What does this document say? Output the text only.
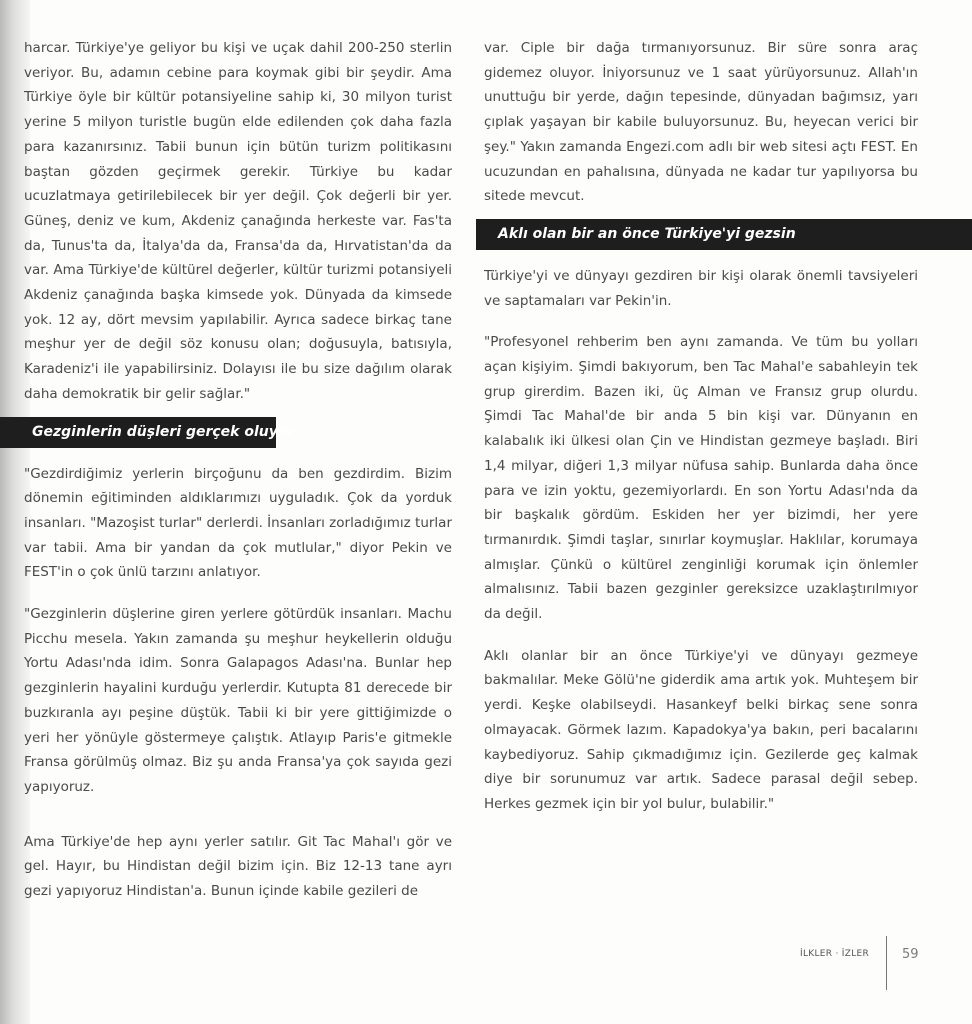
harcar. Türkiye'ye geliyor bu kişi ve uçak dahil 200-250 sterlin veriyor. Bu, adamın cebine para koymak gibi bir şeydir. Ama Türkiye öyle bir kültür potansiyeline sahip ki, 30 milyon turist yerine 5 milyon turistle bugün elde edilenden çok daha fazla para kazanırsınız. Tabii bunun için bütün turizm politikasını baştan gözden geçirmek gerekir. Türkiye bu kadar ucuzlatmaya getirilebilecek bir yer değil. Çok değerli bir yer. Güneş, deniz ve kum, Akdeniz çanağında herkeste var. Fas'ta da, Tunus'ta da, İtalya'da da, Fransa'da da, Hırvatistan'da da var. Ama Türkiye'de kültürel değerler, kültür turizmi potansiyeli Akdeniz çanağında başka kimsede yok. Dünyada da kimsede yok. 12 ay, dört mevsim yapılabilir. Ayrıca sadece birkaç tane meşhur yer de değil söz konusu olan; doğusuyla, batısıyla, Karadeniz'i ile yapabilirsiniz. Dolayısı ile bu size dağılım olarak daha demokratik bir gelir sağlar."

Gezginlerin düşleri gerçek oluyor

"Gezdirdiğimiz yerlerin birçoğunu da ben gezdirdim. Bizim dönemin eğitiminden aldıklarımızı uyguladık. Çok da yorduk insanları. "Mazoşist turlar" derlerdi. İnsanları zorladığımız turlar var tabii. Ama bir yandan da çok mutlular," diyor Pekin ve FEST'in o çok ünlü tarzını anlatıyor.

"Gezginlerin düşlerine giren yerlere götürdük insanları. Machu Picchu mesela. Yakın zamanda şu meşhur heykellerin olduğu Yortu Adası'nda idim. Sonra Galapagos Adası'na. Bunlar hep gezginlerin hayalini kurduğu yerlerdir. Kutupta 81 derecede bir buzkıranla ayı peşine düştük. Tabii ki bir yere gittiğimizde o yeri her yönüyle göstermeye çalıştık. Atlayıp Paris'e gitmekle Fransa görülmüş olmaz. Biz şu anda Fransa'ya çok sayıda gezi yapıyoruz.

Ama Türkiye'de hep aynı yerler satılır. Git Tac Mahal'ı gör ve gel. Hayır, bu Hindistan değil bizim için. Biz 12-13 tane ayrı gezi yapıyoruz Hindistan'a. Bunun içinde kabile gezileri de

var. Ciple bir dağa tırmanıyorsunuz. Bir süre sonra araç gidemez oluyor. İniyorsunuz ve 1 saat yürüyorsunuz. Allah'ın unuttuğu bir yerde, dağın tepesinde, dünyadan bağımsız, yarı çıplak yaşayan bir kabile buluyorsunuz. Bu, heyecan verici bir şey." Yakın zamanda Engezi.com adlı bir web sitesi açtı FEST. En ucuzundan en pahalısına, dünyada ne kadar tur yapılıyorsa bu sitede mevcut.

Aklı olan bir an önce Türkiye'yi gezsin

Türkiye'yi ve dünyayı gezdiren bir kişi olarak önemli tavsiyeleri ve saptamaları var Pekin'in.

"Profesyonel rehberim ben aynı zamanda. Ve tüm bu yolları açan kişiyim. Şimdi bakıyorum, ben Tac Mahal'e sabahleyin tek grup girerdim. Bazen iki, üç Alman ve Fransız grup olurdu. Şimdi Tac Mahal'de bir anda 5 bin kişi var. Dünyanın en kalabalık iki ülkesi olan Çin ve Hindistan gezmeye başladı. Biri 1,4 milyar, diğeri 1,3 milyar nüfusa sahip. Bunlarda daha önce para ve izin yoktu, gezemiyorlardı. En son Yortu Adası'nda da bir başkalık gördüm. Eskiden her yer bizimdi, her yere tırmanırdık. Şimdi taşlar, sınırlar koymuşlar. Haklılar, korumaya almışlar. Çünkü o kültürel zenginliği korumak için önlemler almalısınız. Tabii bazen gezginler gereksizce uzaklaştırılmıyor da değil.

Aklı olanlar bir an önce Türkiye'yi ve dünyayı gezmeye bakmalılar. Meke Gölü'ne giderdik ama artık yok. Muhteşem bir yerdi. Keşke olabilseydi. Hasankeyf belki birkaç sene sonra olmayacak. Görmek lazım. Kapadokya'ya bakın, peri bacalarını kaybediyoruz. Sahip çıkmadığımız için. Gezilerde geç kalmak diye bir sorunumuz var artık. Sadece parasal değil sebep. Herkes gezmek için bir yol bulur, bulabilir."

İLKLER · İZLER	59
